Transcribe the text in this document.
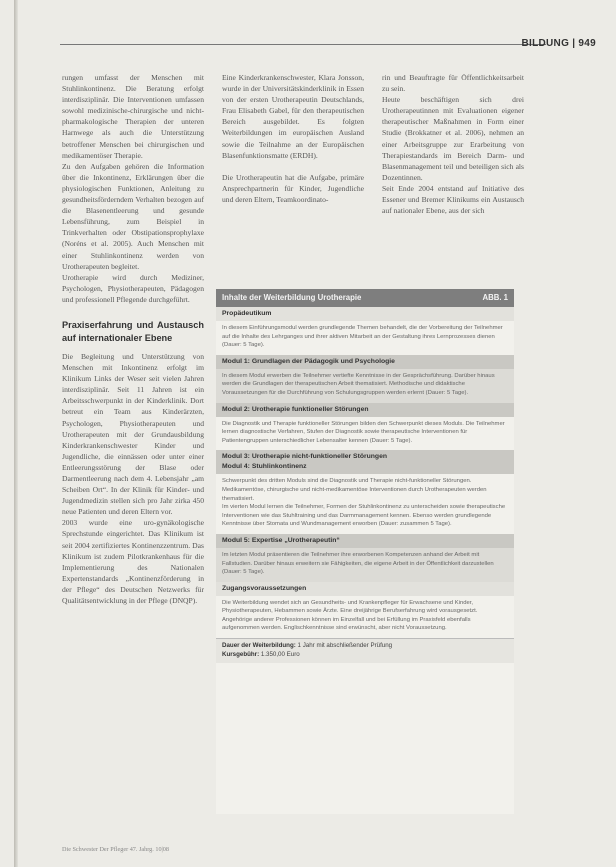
BILDUNG | 949

rungen umfasst der Menschen mit Stuhlinkontinenz. Die Beratung erfolgt interdisziplinär. Die Interventionen umfassen sowohl medizinische-chirurgische und nicht-pharmakologische Therapien der unteren Harnwege als auch die Unterstützung betroffener Menschen bei chirurgischen und medikamentöser Therapie.

Zu den Aufgaben gehören die Information über die Inkontinenz, Erklärungen über die physiologischen Funktionen, Anleitung zu gesundheitsförderndem Verhalten bezogen auf die Blasenentleerung und gesunde Lebensführung, zum Beispiel in Trinkverhalten oder Obstipationsprophylaxe (Noréns et al. 2005). Auch Menschen mit einer Stuhlinkontinenz werden von Urotherapeuten begleitet.

Urotherapie wird durch Mediziner, Psychologen, Physiotherapeuten, Pädagogen und professionell Pflegende durchgeführt.

Praxiserfahrung und Austausch auf internationaler Ebene

Die Begleitung und Unterstützung von Menschen mit Inkontinenz erfolgt im Klinikum Links der Weser seit vielen Jahren interdisziplinär. Seit 11 Jahren ist ein Arbeitsschwerpunkt in der Kinderklinik. Dort betreut ein Team aus Kinderärzten, Psychologen, Physiotherapeuten und Urotherapeuten mit der Grundausbildung Kinderkrankenschwester Kinder und Jugendliche, die einnässen oder unter einer Entleerungsstörung der Blase oder Darmentleerung nach dem 4. Lebensjahr „am Scheiben Ort“. In der Klinik für Kinder- und Jugendmedizin stellen sich pro Jahr zirka 450 neue Patienten und deren Eltern vor.

2003 wurde eine uro-gynäkologische Sprechstunde eingerichtet. Das Klinikum ist seit 2004 zertifiziertes Kontinenzzentrum. Das Klinikum ist zudem Pilotkrankenhaus für die Implementierung des Nationalen Expertenstandards „Kontinenzförderung in der Pflege“ des Deutschen Netzwerks für Qualitätsentwicklung in der Pflege (DNQP).

Eine Kinderkrankenschwester, Klara Jonsson, wurde in der Universitätskinderklinik in Essen von der ersten Urotherapeutin Deutschlands, Frau Elisabeth Gabel, für den therapeutischen Bereich ausgebildet. Es folgten Weiterbildungen im europäischen Ausland sowie die Teilnahme an der Europäischen Blasenfunktionsmatte (ERDH).

Die Urotherapeutin hat die Aufgabe, primäre Ansprechpartnerin für Kinder, Jugendliche und deren Eltern, Teamkoordinato-

rin und Beauftragte für Öffentlichkeitsarbeit zu sein.

Heute beschäftigen sich drei Urotherapeutinnen mit Evaluationen eigener therapeutischer Maßnahmen in Form einer Studie (Brokkatner et al. 2006), nehmen an einer Arbeitsgruppe zur Erarbeitung von Therapiestandards im Bereich Darm- und Blasenmanagement teil und beteiligen sich als Dozentinnen.

Seit Ende 2004 entstand auf Initiative des Essener und Bremer Klinikums ein Austausch auf nationaler Ebene, aus der sich

Inhalte der Weiterbildung Urotherapie	ABB. 1
Propädeutikum
In diesem Einführungsmodul werden grundlegende Themen behandelt, die der Vorbereitung der Teilnehmer auf die Inhalte des Lehrganges und ihrer aktiven Mitarbeit an der Gestaltung ihres Lernprozesses dienen (Dauer: 5 Tage).
Modul 1: Grundlagen der Pädagogik und Psychologie
In diesem Modul erwerben die Teilnehmer vertiefte Kenntnisse in der Gesprächsführung. Darüber hinaus werden die Grundlagen der therapeutischen Arbeit thematisiert. Methodische und didaktische Voraussetzungen für die Durchführung von Schulungsgruppen werden erlernt (Dauer: 5 Tage).
Modul 2: Urotherapie funktioneller Störungen
Die Diagnostik und Therapie funktioneller Störungen bilden den Schwerpunkt dieses Moduls. Die Teilnehmer lernen diagnostische Verfahren, Stufen der Diagnostik sowie therapeutische Interventionen für Patientengruppen unterschiedlicher Lebensalter kennen (Dauer: 5 Tage).
Modul 3: Urotherapie nicht-funktioneller Störungen
Modul 4: Stuhlinkontinenz
Schwerpunkt des dritten Moduls sind die Diagnostik und Therapie nicht-funktioneller Störungen. Medikamentöse, chirurgische und nicht-medikamentöse Interventionen durch Urotherapeuten werden thematisiert.
Im vierten Modul lernen die Teilnehmer, Formen der Stuhlinkontinenz zu unterscheiden sowie therapeutische Interventionen wie das Stuhltraining und das Darmmanagement kennen. Ebenso werden grundlegende Kenntnisse über Stomata und Wundmanagement erworben (Dauer: zusammen 5 Tage).
Modul 5: Expertise „Urotherapeutin“
Im letzten Modul präsentieren die Teilnehmer ihre erworbenen Kompetenzen anhand der Arbeit mit Fallstudien. Darüber hinaus erweitern sie Fähigkeiten, die eigene Arbeit in der Öffentlichkeit darzustellen (Dauer: 5 Tage).
Zugangsvoraussetzungen
Die Weiterbildung wendet sich an Gesundheits- und Krankenpfleger für Erwachsene und Kinder, Physiotherapeuten, Hebammen sowie Ärzte. Eine dreijährige Berufserfahrung wird vorausgesetzt. Angehörige anderer Professionen können im Einzelfall und bei Erfüllung im Praxisfeld ebenfalls aufgenommen werden. Englischkenntnisse sind erwünscht, aber nicht Voraussetzung.
Dauer der Weiterbildung: 1 Jahr mit abschließender Prüfung
Kursgebühr: 1.350,00 Euro
Die Schwester Der Pfleger 47. Jahrg. 10|08
